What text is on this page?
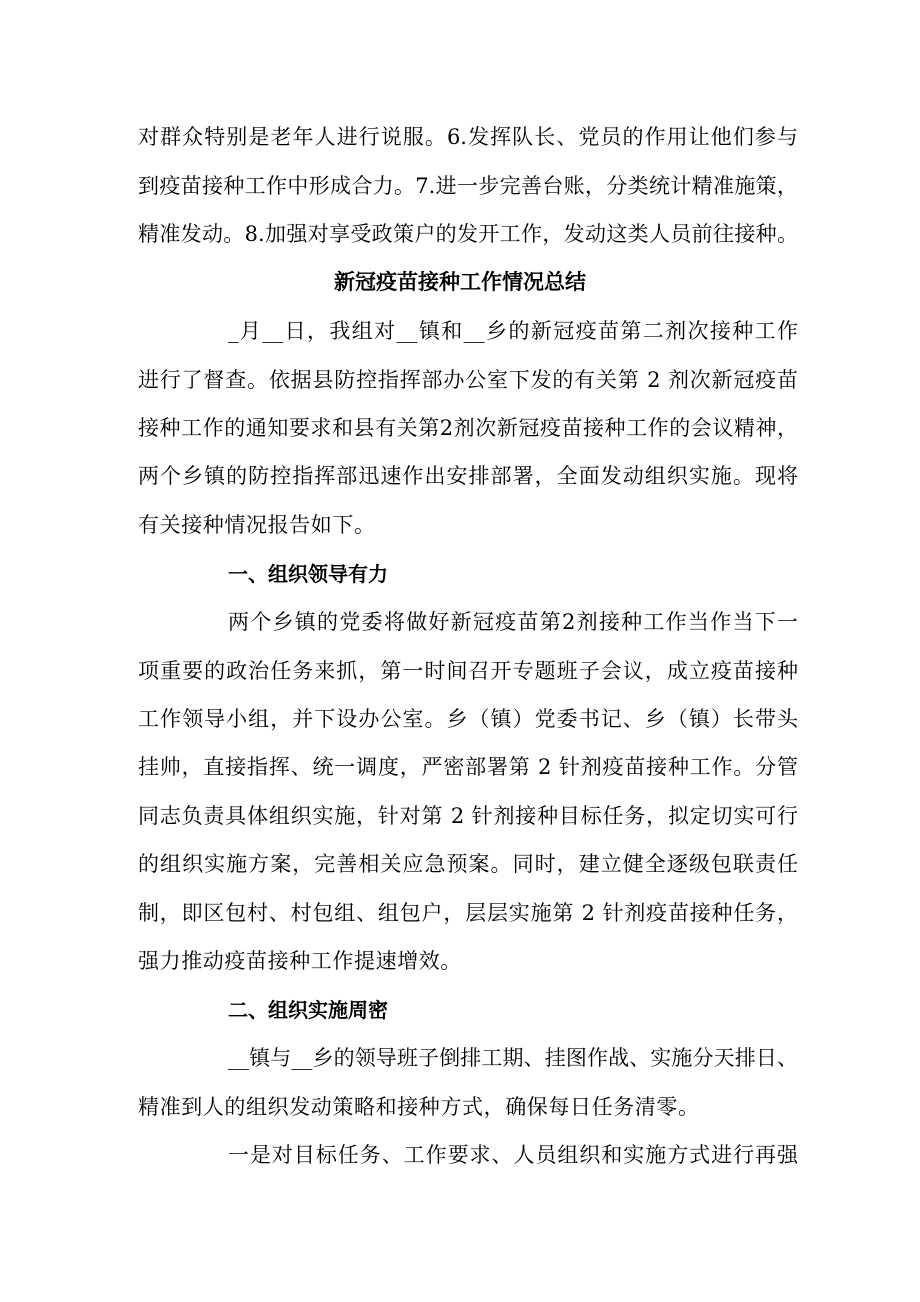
对群众特别是老年人进行说服。6.发挥队长、党员的作用让他们参与
到疫苗接种工作中形成合力。7.进一步完善台账，分类统计精准施策，
精准发动。8.加强对享受政策户的发开工作，发动这类人员前往接种。
新冠疫苗接种工作情况总结
_月__日，我组对__镇和__乡的新冠疫苗第二剂次接种工作
进行了督查。依据县防控指挥部办公室下发的有关第 2 剂次新冠疫苗
接种工作的通知要求和县有关第2剂次新冠疫苗接种工作的会议精神，
两个乡镇的防控指挥部迅速作出安排部署，全面发动组织实施。现将
有关接种情况报告如下。
一、组织领导有力
两个乡镇的党委将做好新冠疫苗第2剂接种工作当作当下一
项重要的政治任务来抓，第一时间召开专题班子会议，成立疫苗接种
工作领导小组，并下设办公室。乡（镇）党委书记、乡（镇）长带头
挂帅，直接指挥、统一调度，严密部署第 2 针剂疫苗接种工作。分管
同志负责具体组织实施，针对第 2 针剂接种目标任务，拟定切实可行
的组织实施方案，完善相关应急预案。同时，建立健全逐级包联责任
制，即区包村、村包组、组包户，层层实施第 2 针剂疫苗接种任务，
强力推动疫苗接种工作提速增效。
二、组织实施周密
__镇与__乡的领导班子倒排工期、挂图作战、实施分天排日、
精准到人的组织发动策略和接种方式，确保每日任务清零。
一是对目标任务、工作要求、人员组织和实施方式进行再强
